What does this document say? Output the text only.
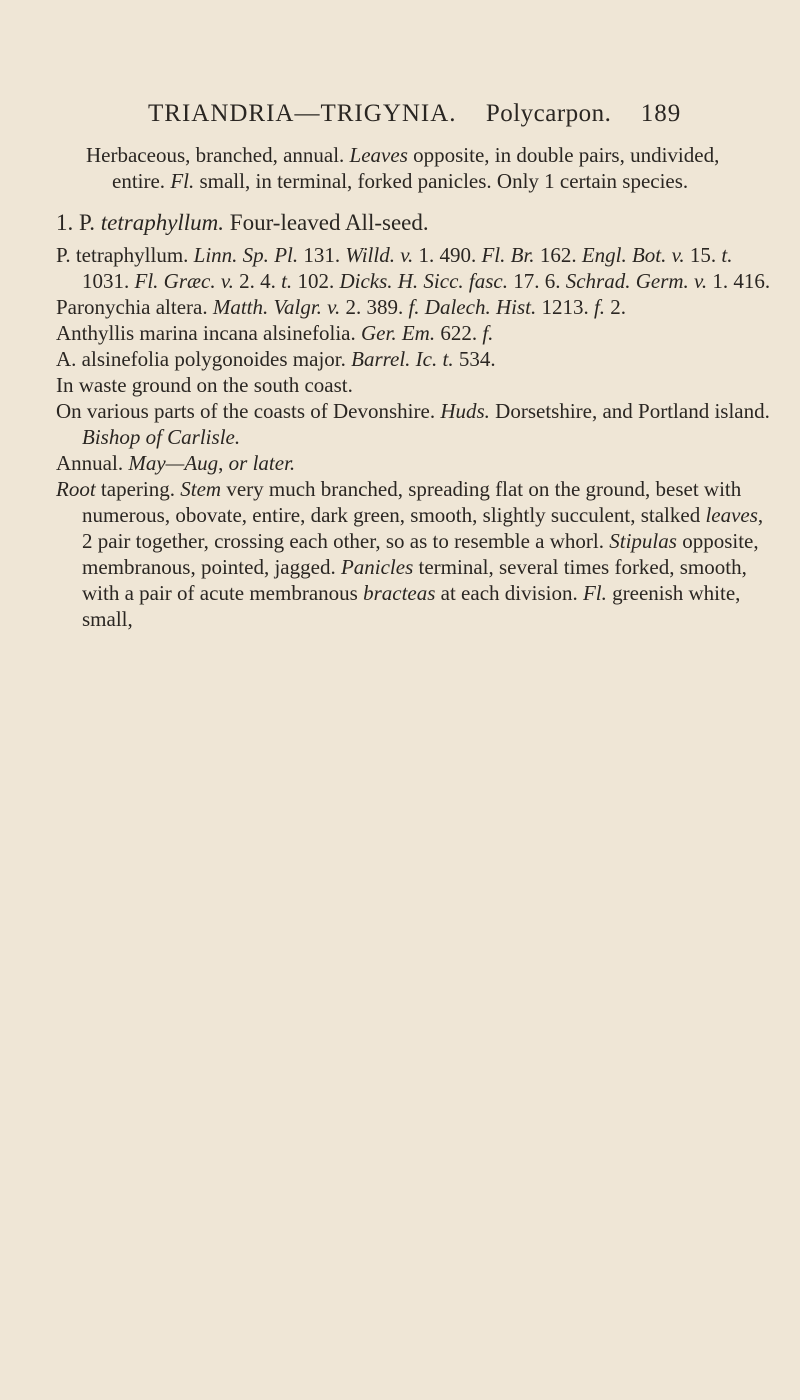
TRIANDRIA—TRIGYNIA. Polycarpon. 189

Herbaceous, branched, annual. Leaves opposite, in double pairs, undivided, entire. Fl. small, in terminal, forked panicles. Only 1 certain species.

1. P. tetraphyllum. Four-leaved All-seed.

P. tetraphyllum. Linn. Sp. Pl. 131. Willd. v. 1. 490. Fl. Br. 162. Engl. Bot. v. 15. t. 1031. Fl. Græc. v. 2. 4. t. 102. Dicks. H. Sicc. fasc. 17. 6. Schrad. Germ. v. 1. 416.

Paronychia altera. Matth. Valgr. v. 2. 389. f. Dalech. Hist. 1213. f. 2.

Anthyllis marina incana alsinefolia. Ger. Em. 622. f.

A. alsinefolia polygonoides major. Barrel. Ic. t. 534.

In waste ground on the south coast.

On various parts of the coasts of Devonshire. Huds. Dorsetshire, and Portland island. Bishop of Carlisle.

Annual. May—Aug, or later.

Root tapering. Stem very much branched, spreading flat on the ground, beset with numerous, obovate, entire, dark green, smooth, slightly succulent, stalked leaves, 2 pair together, crossing each other, so as to resemble a whorl. Stipulas opposite, membranous, pointed, jagged. Panicles terminal, several times forked, smooth, with a pair of acute membranous bracteas at each division. Fl. greenish white, small,
